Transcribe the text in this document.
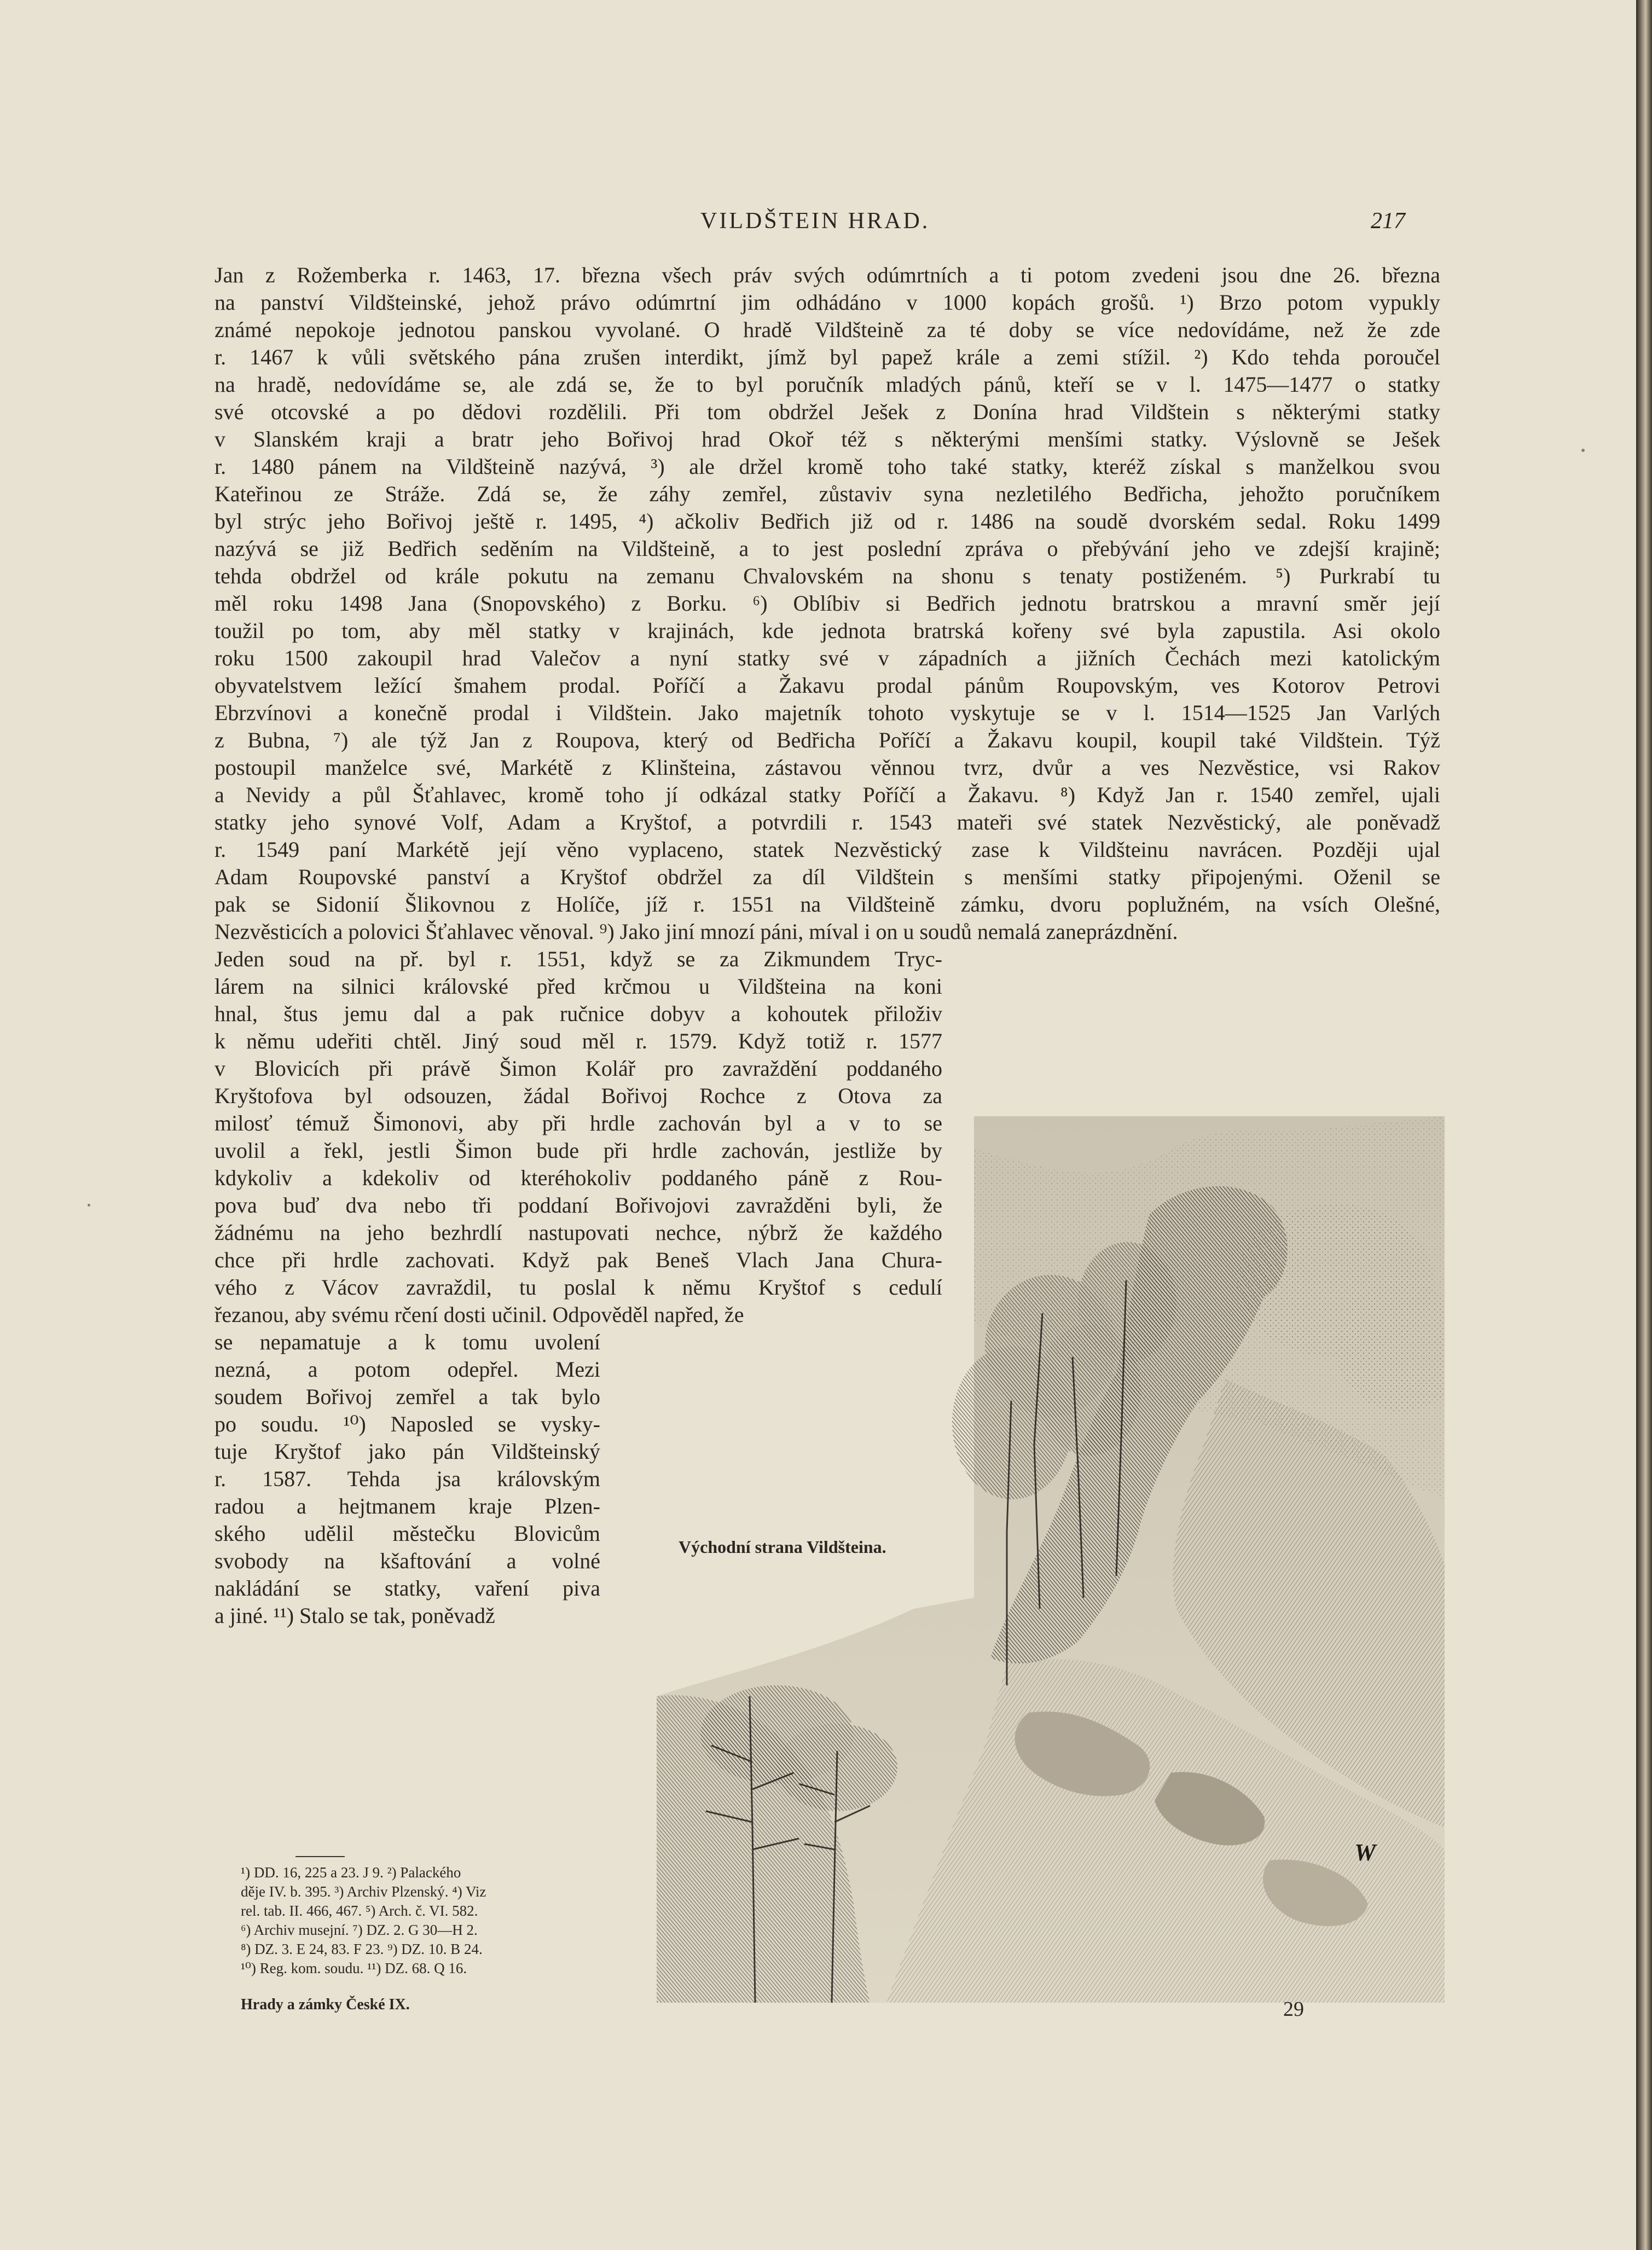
VILDŠTEIN HRAD.	217

Jan z Rožemberka r. 1463, 17. března všech práv svých odúmrtních a ti potom zvedeni jsou dne 26. března

na panství Vildšteinské, jehož právo odúmrtní jim odhádáno v 1000 kopách grošů. ¹) Brzo potom vypukly

známé nepokoje jednotou panskou vyvolané. O hradě Vildšteině za té doby se více nedovídáme, než že zde

r. 1467 k vůli světského pána zrušen interdikt, jímž byl papež krále a zemi stížil. ²) Kdo tehda poroučel

na hradě, nedovídáme se, ale zdá se, že to byl poručník mladých pánů, kteří se v l. 1475—1477 o statky

své otcovské a po dědovi rozdělili. Při tom obdržel Ješek z Donína hrad Vildštein s některými statky

v Slanském kraji a bratr jeho Bořivoj hrad Okoř též s některými menšími statky. Výslovně se Ješek

r. 1480 pánem na Vildšteině nazývá, ³) ale držel kromě toho také statky, kteréž získal s manželkou svou

Kateřinou ze Stráže. Zdá se, že záhy zemřel, zůstaviv syna nezletilého Bedřicha, jehožto poručníkem

byl strýc jeho Bořivoj ještě r. 1495, ⁴) ačkoliv Bedřich již od r. 1486 na soudě dvorském sedal. Roku 1499

nazývá se již Bedřich seděním na Vildšteině, a to jest poslední zpráva o přebývání jeho ve zdejší krajině;

tehda obdržel od krále pokutu na zemanu Chvalovském na shonu s tenaty postiženém. ⁵) Purkrabí tu

měl roku 1498 Jana (Snopovského) z Borku. ⁶) Oblíbiv si Bedřich jednotu bratrskou a mravní směr její

toužil po tom, aby měl statky v krajinách, kde jednota bratrská kořeny své byla zapustila. Asi okolo

roku 1500 zakoupil hrad Valečov a nyní statky své v západních a jižních Čechách mezi katolickým

obyvatelstvem ležící šmahem prodal. Poříčí a Žakavu prodal pánům Roupovským, ves Kotorov Petrovi

Ebrzvínovi a konečně prodal i Vildštein. Jako majetník tohoto vyskytuje se v l. 1514—1525 Jan Varlých

z Bubna, ⁷) ale týž Jan z Roupova, který od Bedřicha Poříčí a Žakavu koupil, koupil také Vildštein. Týž

postoupil manželce své, Markétě z Klinšteina, zástavou věnnou tvrz, dvůr a ves Nezvěstice, vsi Rakov

a Nevidy a půl Šťahlavec, kromě toho jí odkázal statky Poříčí a Žakavu. ⁸) Když Jan r. 1540 zemřel, ujali

statky jeho synové Volf, Adam a Kryštof, a potvrdili r. 1543 mateři své statek Nezvěstický, ale poněvadž

r. 1549 paní Markétě její věno vyplaceno, statek Nezvěstický zase k Vildšteinu navrácen. Později ujal

Adam Roupovské panství a Kryštof obdržel za díl Vildštein s menšími statky připojenými. Oženil se

pak se Sidonií Šlikovnou z Holíče, jíž r. 1551 na Vildšteině zámku, dvoru poplužném, na vsích Olešné,

Nezvěsticích a polovici Šťahlavec věnoval. ⁹) Jako jiní mnozí páni, míval i on u soudů nemalá zaneprázdnění.

Jeden soud na př. byl r. 1551, když se za Zikmundem Tryc-

lárem na silnici královské před krčmou u Vildšteina na koni

hnal, štus jemu dal a pak ručnice dobyv a kohoutek přiloživ

k němu udeřiti chtěl. Jiný soud měl r. 1579. Když totiž r. 1577

v Blovicích při právě Šimon Kolář pro zavraždění poddaného

Kryštofova byl odsouzen, žádal Bořivoj Rochce z Otova za

milosť témuž Šimonovi, aby při hrdle zachován byl a v to se

uvolil a řekl, jestli Šimon bude při hrdle zachován, jestliže by

kdykoliv a kdekoliv od kteréhokoliv poddaného páně z Rou-

pova buď dva nebo tři poddaní Bořivojovi zavražděni byli, že

žádnému na jeho bezhrdlí nastupovati nechce, nýbrž že každého

chce při hrdle zachovati. Když pak Beneš Vlach Jana Chura-

vého z Vácov zavraždil, tu poslal k němu Kryštof s cedulí

řezanou, aby svému rčení dosti učinil. Odpověděl napřed, že

se nepamatuje a k tomu uvolení

nezná, a potom odepřel. Mezi

soudem Bořivoj zemřel a tak bylo

po soudu. ¹⁰) Naposled se vysky-

tuje Kryštof jako pán Vildšteinský

r. 1587. Tehda jsa královským

radou a hejtmanem kraje Plzen-

ského udělil městečku Blovicům

svobody na kšaftování a volné

nakládání se statky, vaření piva

a jiné. ¹¹) Stalo se tak, poněvadž

Východní strana Vildšteina.
W

¹) DD. 16, 225 a 23. J 9. ²) Palackého

děje IV. b. 395. ³) Archiv Plzenský. ⁴) Viz

rel. tab. II. 466, 467. ⁵) Arch. č. VI. 582.

⁶) Archiv musejní. ⁷) DZ. 2. G 30—H 2.

⁸) DZ. 3. E 24, 83. F 23. ⁹) DZ. 10. B 24.

¹⁰) Reg. kom. soudu. ¹¹) DZ. 68. Q 16.

Hrady a zámky České IX.	29
